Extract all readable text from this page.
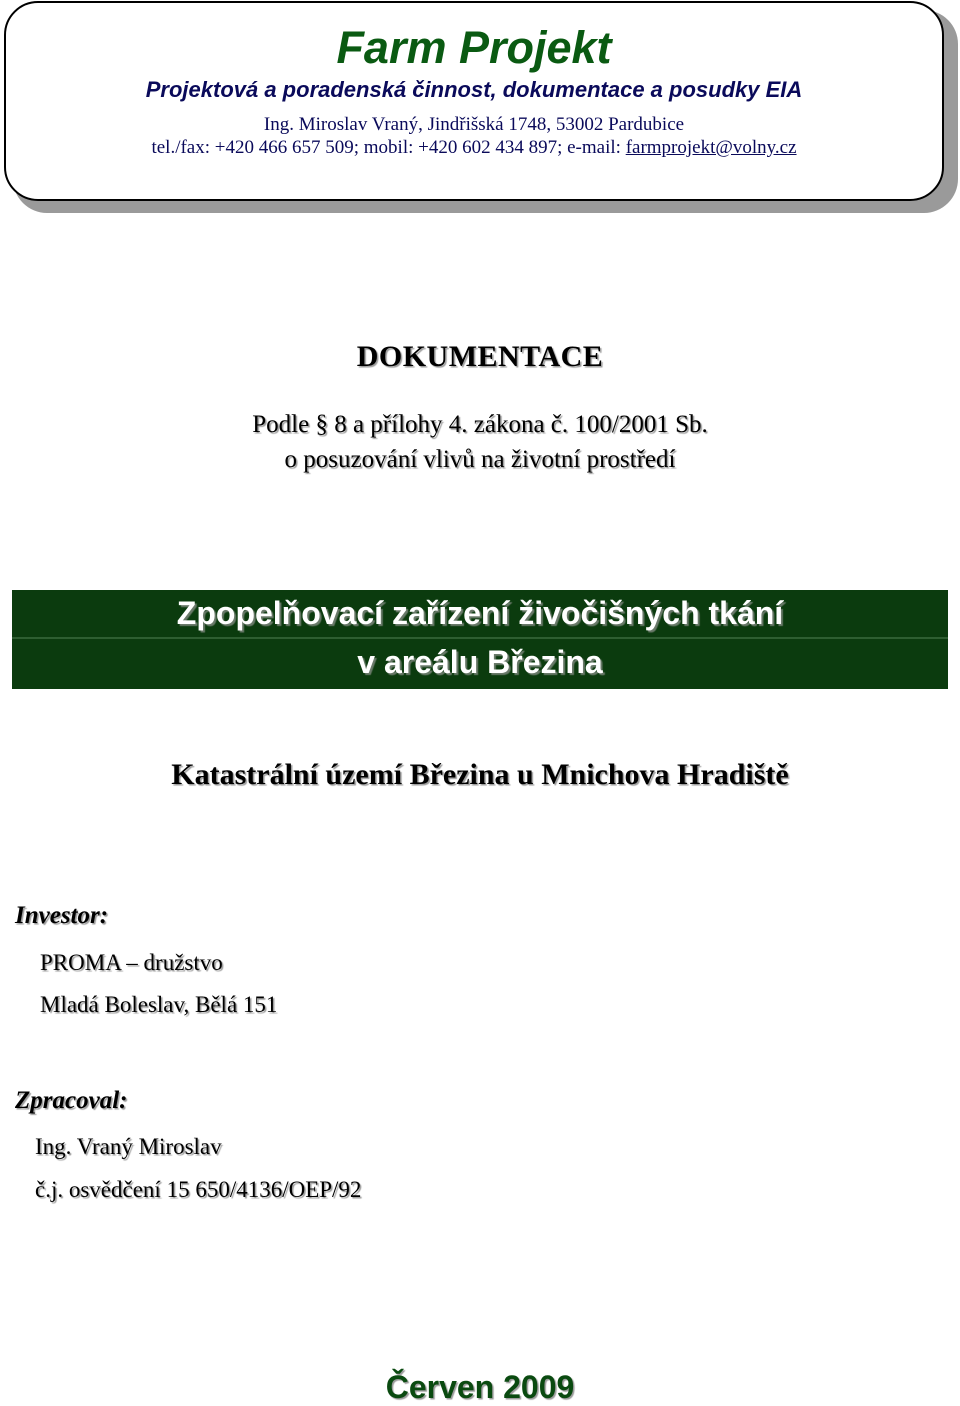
Farm Projekt
Projektová a poradenská činnost, dokumentace a posudky EIA
Ing. Miroslav Vraný, Jindřišská 1748, 53002 Pardubice
tel./fax: +420 466 657 509; mobil: +420 602 434 897; e-mail: farmprojekt@volny.cz
DOKUMENTACE
Podle § 8 a přílohy 4. zákona č. 100/2001 Sb.
o posuzování vlivů na životní prostředí
Zpopelňovací zařízení živočišných tkání
v areálu Březina
Katastrální území Březina u Mnichova Hradiště
Investor:
PROMA – družstvo
Mladá Boleslav, Bělá 151
Zpracoval:
Ing. Vraný Miroslav
č.j. osvědčení 15 650/4136/OEP/92
Červen 2009
